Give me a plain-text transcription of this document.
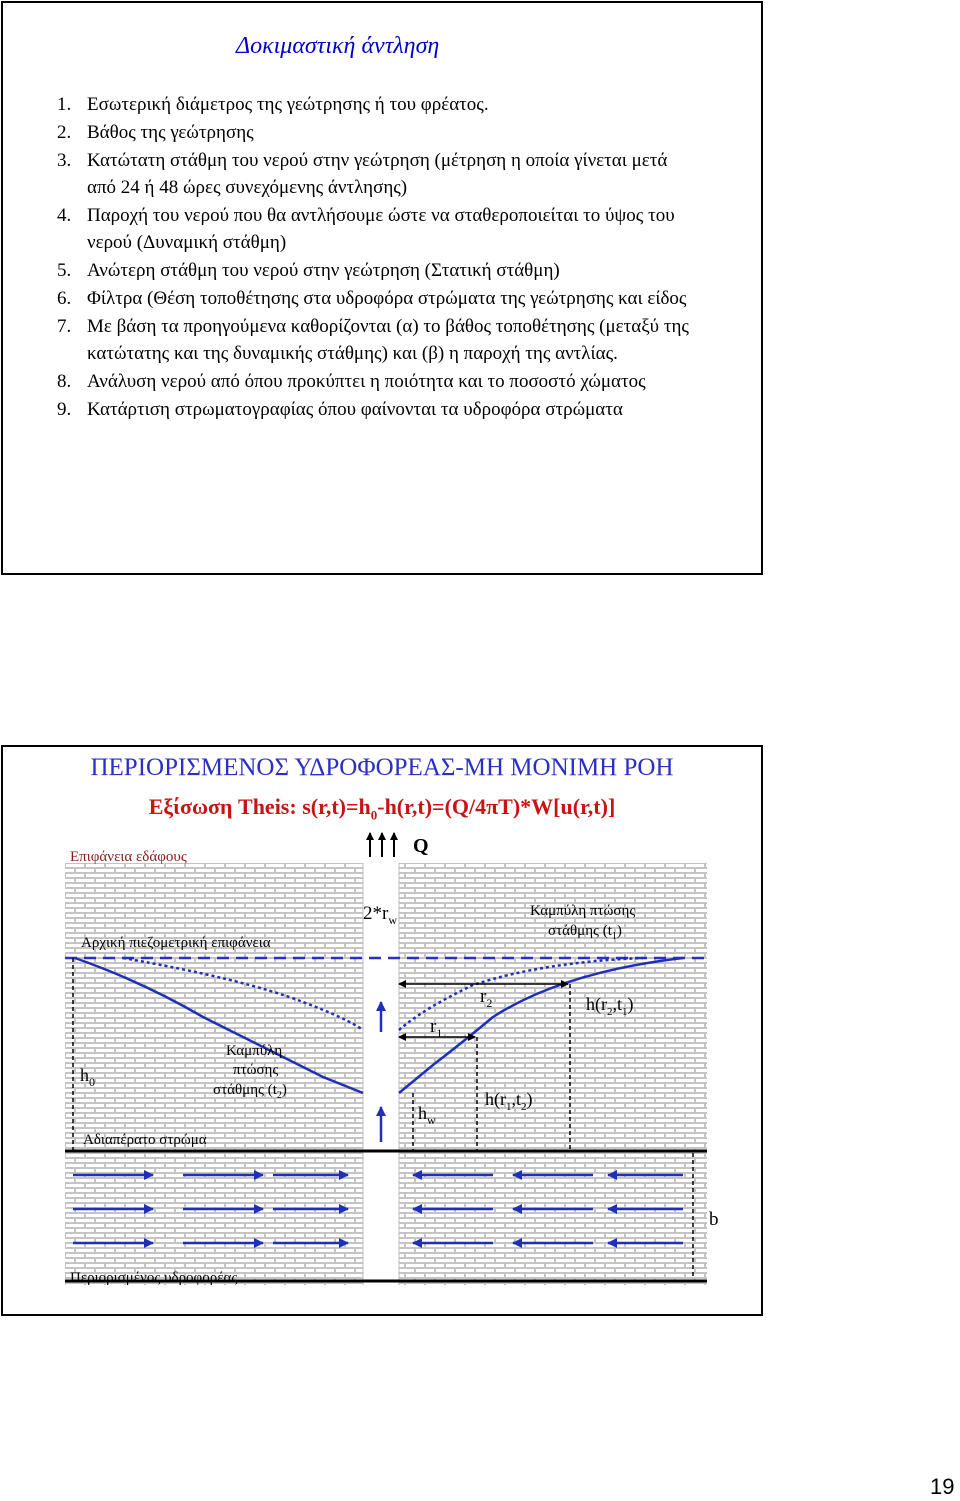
Δοκιμαστική άντληση
1. Εσωτερική διάμετρος της γεώτρησης ή του φρέατος.
2. Βάθος της γεώτρησης
3. Κατώτατη στάθμη του νερού στην γεώτρηση (μέτρηση η οποία γίνεται μετά από 24 ή 48 ώρες συνεχόμενης άντλησης)
4. Παροχή του νερού που θα αντλήσουμε ώστε να σταθεροποιείται το ύψος του νερού (Δυναμική στάθμη)
5. Ανώτερη στάθμη του νερού στην γεώτρηση (Στατική στάθμη)
6. Φίλτρα (Θέση τοποθέτησης στα υδροφόρα στρώματα της γεώτρησης και είδος
7. Με βάση τα προηγούμενα καθορίζονται (α) το βάθος τοποθέτησης (μεταξύ της κατώτατης και της δυναμικής στάθμης) και (β) η παροχή της αντλίας.
8. Ανάλυση νερού από όπου προκύπτει η ποιότητα και το ποσοστό χώματος
9. Κατάρτιση στρωματογραφίας όπου φαίνονται τα υδροφόρα στρώματα
ΠΕΡΙΟΡΙΣΜΕΝΟΣ ΥΔΡΟΦΟΡΕΑΣ-ΜΗ ΜΟΝΙΜΗ ΡΟΗ
Εξίσωση Theis: $s(r,t)=h_0-h(r,t)=(Q/4\pi T)*W[u(r,t)]$
Q
Επιφάνεια εδάφους
$2*r_w$
Αρχική πιεζομετρική επιφάνεια
Καμπύλη πτώσης
στάθμης $(t_1)$
Καμπύλη
πτώσης
στάθμης $(t_2)$
Αδιαπέρατο στρώμα
$h_0$
$h_w$
$r_1$
$r_2$
$h(r_1,t_2)$
$h(r_2,t_1)$
b
Περιορισμένος υδροφορέας
19
